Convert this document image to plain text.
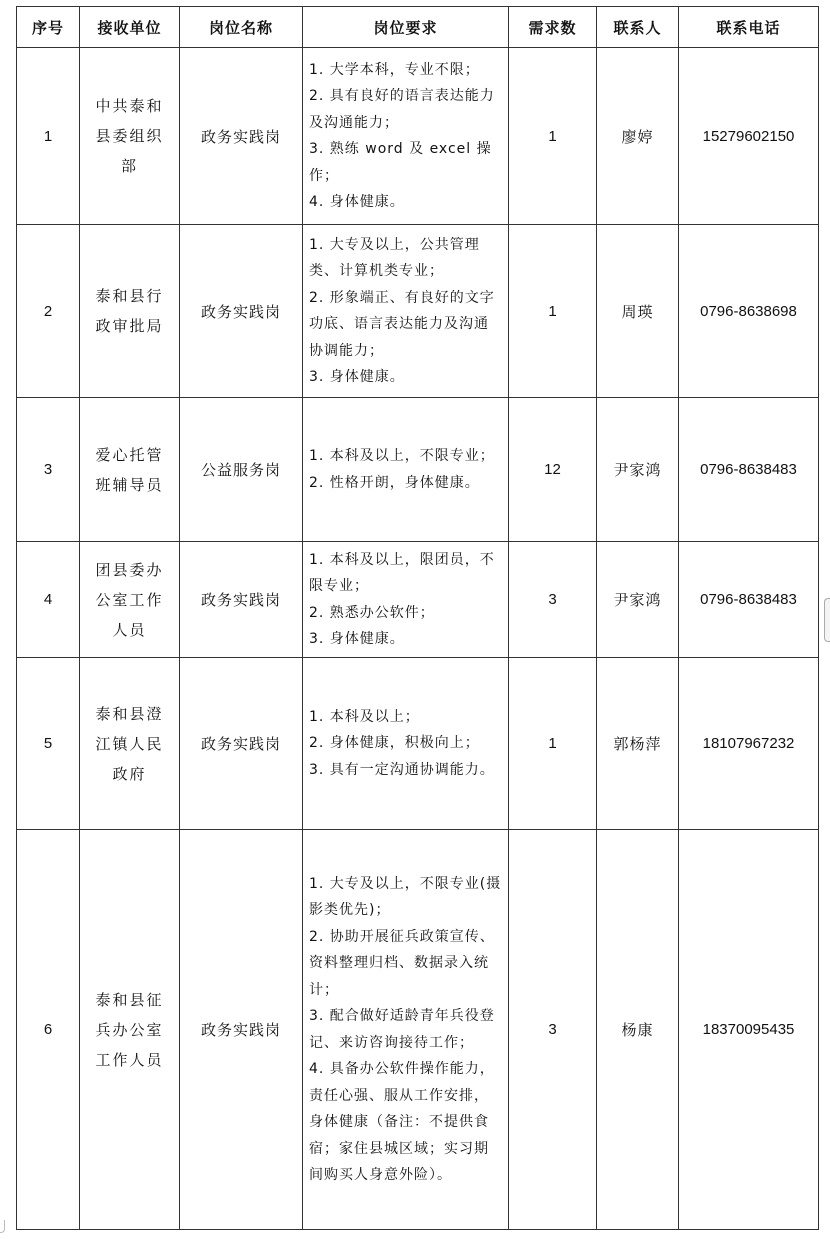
序号	接收单位	岗位名称	岗位要求	需求数	联系人	联系电话
1	中共泰和县委组织部	政务实践岗	1. 大学本科，专业不限；
2. 具有良好的语言表达能力及沟通能力；
3. 熟练 word 及 excel 操作；
4. 身体健康。	1	廖婷	15279602150
2	泰和县行政审批局	政务实践岗	1. 大专及以上，公共管理类、计算机类专业；
2. 形象端正、有良好的文字功底、语言表达能力及沟通协调能力；
3. 身体健康。	1	周瑛	0796-8638698
3	爱心托管班辅导员	公益服务岗	1. 本科及以上，不限专业；
2. 性格开朗，身体健康。	12	尹家鸿	0796-8638483
4	团县委办公室工作人员	政务实践岗	1. 本科及以上，限团员，不限专业；
2. 熟悉办公软件；
3. 身体健康。	3	尹家鸿	0796-8638483
5	泰和县澄江镇人民政府	政务实践岗	1. 本科及以上；
2. 身体健康，积极向上；
3. 具有一定沟通协调能力。	1	郭杨萍	18107967232
6	泰和县征兵办公室工作人员	政务实践岗	1. 大专及以上，不限专业(摄影类优先)；
2. 协助开展征兵政策宣传、资料整理归档、数据录入统计；
3. 配合做好适龄青年兵役登记、来访咨询接待工作；
4. 具备办公软件操作能力，责任心强、服从工作安排，身体健康（备注：不提供食宿；家住县城区域；实习期间购买人身意外险）。	3	杨康	18370095435
